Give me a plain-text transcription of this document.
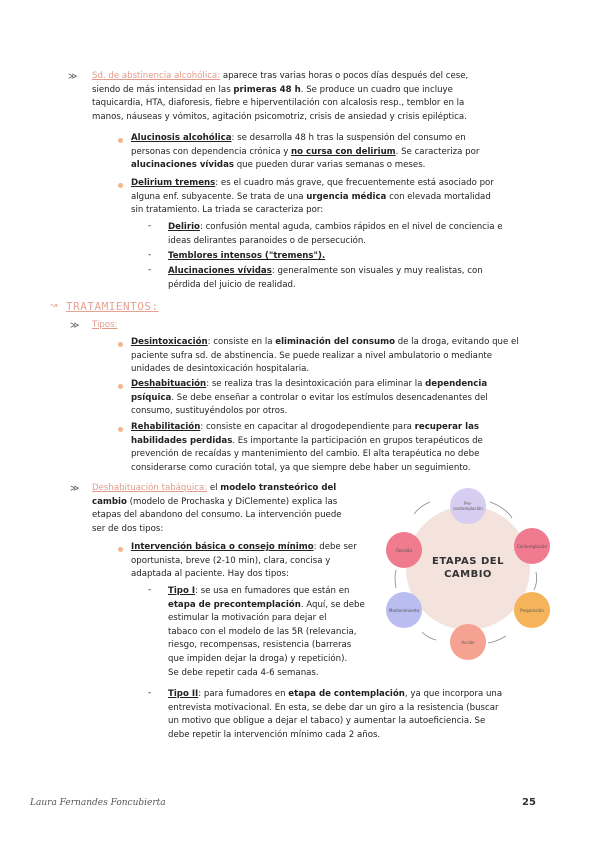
≫ Sd. de abstinencia alcohólica: aparece tras varias horas o pocos días después del cese,
siendo de más intensidad en las primeras 48 h. Se produce un cuadro que incluye
taquicardia, HTA, diaforesis, fiebre e hiperventilación con alcalosis resp., temblor en la
manos, náuseas y vómitos, agitación psicomotriz, crisis de ansiedad y crisis epiléptica.
Alucinosis alcohólica: se desarrolla 48 h tras la suspensión del consumo en
personas con dependencia crónica y no cursa con delirium. Se caracteriza por
alucinaciones vívidas que pueden durar varias semanas o meses.
Delirium tremens: es el cuadro más grave, que frecuentemente está asociado por
alguna enf. subyacente. Se trata de una urgencia médica con elevada mortalidad
sin tratamiento. La triada se caracteriza por:
- Delirio: confusión mental aguda, cambios rápidos en el nivel de conciencia e
ideas delirantes paranoides o de persecución.
- Temblores intensos ("tremens").
- Alucinaciones vívidas: generalmente son visuales y muy realistas, con
pérdida del juicio de realidad.
↝ TRATAMIENTOS:
≫ Tipos:
Desintoxicación: consiste en la eliminación del consumo de la droga, evitando que el
paciente sufra sd. de abstinencia. Se puede realizar a nivel ambulatorio o mediante
unidades de desintoxicación hospitalaria.
Deshabituación: se realiza tras la desintoxicación para eliminar la dependencia
psíquica. Se debe enseñar a controlar o evitar los estímulos desencadenantes del
consumo, sustituyéndolos por otros.
Rehabilitación: consiste en capacitar al drogodependiente para recuperar las
habilidades perdidas. Es importante la participación en grupos terapéuticos de
prevención de recaídas y mantenimiento del cambio. El alta terapéutica no debe
considerarse como curación total, ya que siempre debe haber un seguimiento.
≫ Deshabituación tabáquica: el modelo transteórico del
cambio (modelo de Prochaska y DiClemente) explica las
etapas del abandono del consumo. La intervención puede
ser de dos tipos:
Intervención básica o consejo mínimo: debe ser
oportunista, breve (2-10 min), clara, concisa y
adaptada al paciente. Hay dos tipos:
- Tipo I: se usa en fumadores que están en
etapa de precontemplación. Aquí, se debe
estimular la motivación para dejar el
tabaco con el modelo de las 5R (relevancia,
riesgo, recompensas, resistencia (barreras
que impiden dejar la droga) y repetición).
Se debe repetir cada 4-6 semanas.
- Tipo II: para fumadores en etapa de contemplación, ya que incorpora una
entrevista motivacional. En esta, se debe dar un giro a la resistencia (buscar
un motivo que obligue a dejar el tabaco) y aumentar la autoeficiencia. Se
debe repetir la intervención mínimo cada 2 años.
ETAPAS DEL
CAMBIO
Pre-contemplación
Contemplación
Preparación
Acción
Mantenimiento
Recaída
Laura Fernandes Foncubierta	25
